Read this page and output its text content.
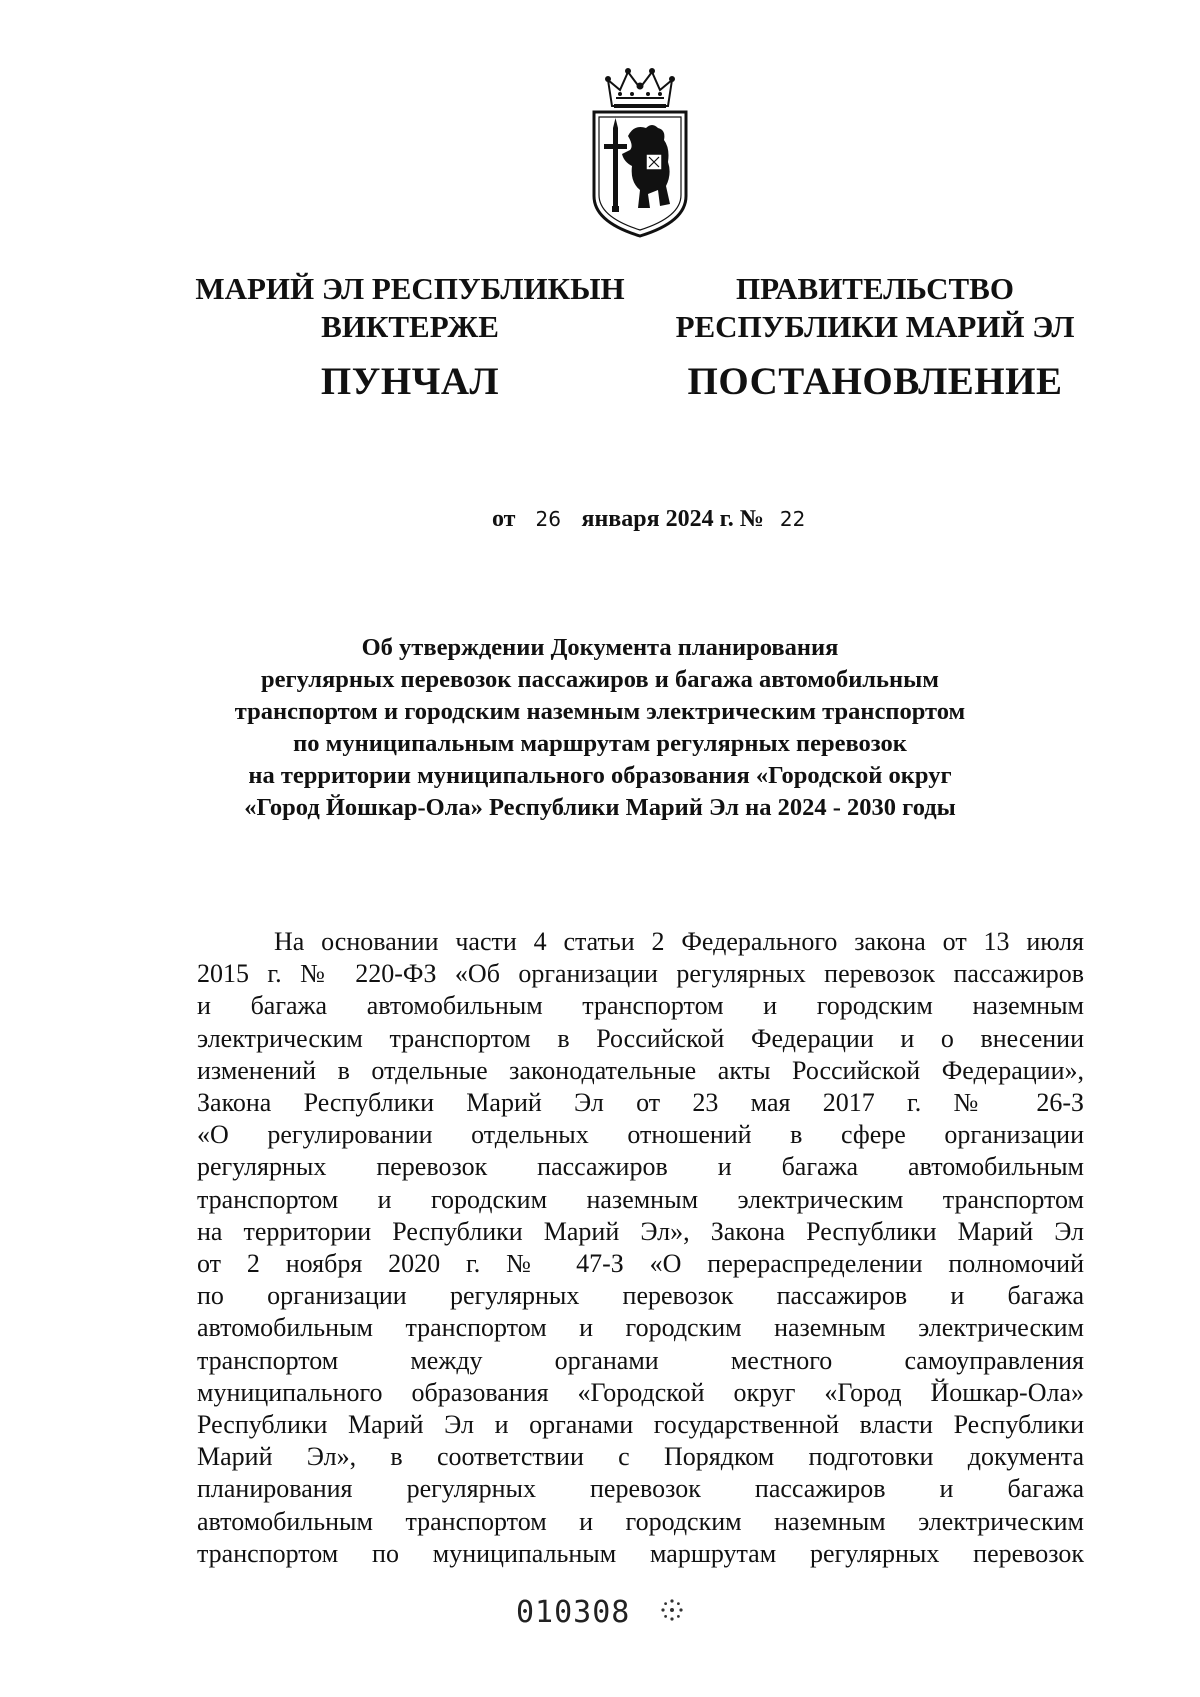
МАРИЙ ЭЛ РЕСПУБЛИКЫН
ВИКТЕРЖЕ
ПУНЧАЛ
ПРАВИТЕЛЬСТВО
РЕСПУБЛИКИ МАРИЙ ЭЛ
ПОСТАНОВЛЕНИЕ
от 26 января 2024 г. № 22
Об утверждении Документа планирования
регулярных перевозок пассажиров и багажа автомобильным
транспортом и городским наземным электрическим транспортом
по муниципальным маршрутам регулярных перевозок
на территории муниципального образования «Городской округ
«Город Йошкар-Ола» Республики Марий Эл на 2024 - 2030 годы
На основании части 4 статьи 2 Федерального закона от 13 июля
2015 г. № 220-ФЗ «Об организации регулярных перевозок пассажиров
и багажа автомобильным транспортом и городским наземным
электрическим транспортом в Российской Федерации и о внесении
изменений в отдельные законодательные акты Российской Федерации»,
Закона Республики Марий Эл от 23 мая 2017 г. № 26-З
«О регулировании отдельных отношений в сфере организации
регулярных перевозок пассажиров и багажа автомобильным
транспортом и городским наземным электрическим транспортом
на территории Республики Марий Эл», Закона Республики Марий Эл
от 2 ноября 2020 г. № 47-З «О перераспределении полномочий
по организации регулярных перевозок пассажиров и багажа
автомобильным транспортом и городским наземным электрическим
транспортом между органами местного самоуправления
муниципального образования «Городской округ «Город Йошкар-Ола»
Республики Марий Эл и органами государственной власти Республики
Марий Эл», в соответствии с Порядком подготовки документа
планирования регулярных перевозок пассажиров и багажа
автомобильным транспортом и городским наземным электрическим
транспортом по муниципальным маршрутам регулярных перевозок
010308
